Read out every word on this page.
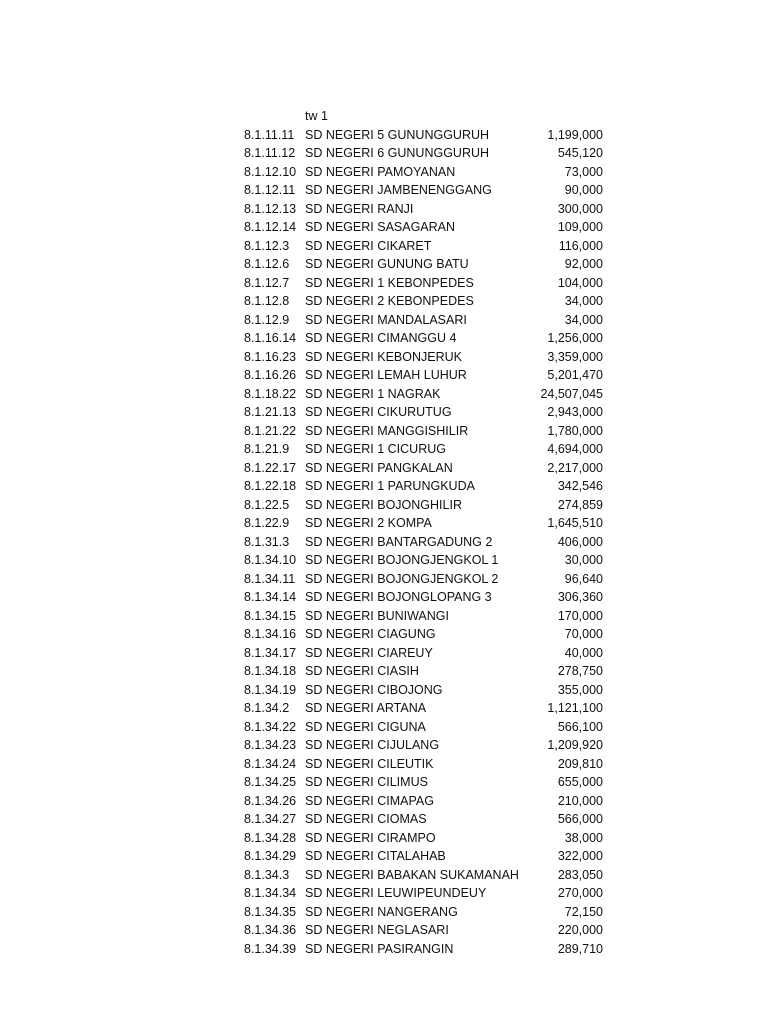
tw 1
8.1.11.11 SD NEGERI 5 GUNUNGGURUH	1,199,000
8.1.11.12 SD NEGERI 6 GUNUNGGURUH	545,120
8.1.12.10 SD NEGERI PAMOYANAN	73,000
8.1.12.11 SD NEGERI JAMBENENGGANG	90,000
8.1.12.13 SD NEGERI RANJI	300,000
8.1.12.14 SD NEGERI SASAGARAN	109,000
8.1.12.3	SD NEGERI CIKARET	116,000
8.1.12.6	SD NEGERI GUNUNG BATU	92,000
8.1.12.7	SD NEGERI 1 KEBONPEDES	104,000
8.1.12.8	SD NEGERI 2 KEBONPEDES	34,000
8.1.12.9	SD NEGERI MANDALASARI	34,000
8.1.16.14 SD NEGERI CIMANGGU 4	1,256,000
8.1.16.23 SD NEGERI KEBONJERUK	3,359,000
8.1.16.26 SD NEGERI LEMAH LUHUR	5,201,470
8.1.18.22 SD NEGERI 1 NAGRAK	24,507,045
8.1.21.13 SD NEGERI CIKURUTUG	2,943,000
8.1.21.22 SD NEGERI MANGGISHILIR	1,780,000
8.1.21.9	SD NEGERI 1 CICURUG	4,694,000
8.1.22.17 SD NEGERI PANGKALAN	2,217,000
8.1.22.18 SD NEGERI 1 PARUNGKUDA	342,546
8.1.22.5	SD NEGERI BOJONGHILIR	274,859
8.1.22.9	SD NEGERI 2 KOMPA	1,645,510
8.1.31.3	SD NEGERI BANTARGADUNG 2	406,000
8.1.34.10 SD NEGERI BOJONGJENGKOL 1	30,000
8.1.34.11 SD NEGERI BOJONGJENGKOL 2	96,640
8.1.34.14 SD NEGERI BOJONGLOPANG 3	306,360
8.1.34.15 SD NEGERI BUNIWANGI	170,000
8.1.34.16 SD NEGERI CIAGUNG	70,000
8.1.34.17 SD NEGERI CIAREUY	40,000
8.1.34.18 SD NEGERI CIASIH	278,750
8.1.34.19 SD NEGERI CIBOJONG	355,000
8.1.34.2	SD NEGERI ARTANA	1,121,100
8.1.34.22 SD NEGERI CIGUNA	566,100
8.1.34.23 SD NEGERI CIJULANG	1,209,920
8.1.34.24 SD NEGERI CILEUTIK	209,810
8.1.34.25 SD NEGERI CILIMUS	655,000
8.1.34.26 SD NEGERI CIMAPAG	210,000
8.1.34.27 SD NEGERI CIOMAS	566,000
8.1.34.28 SD NEGERI CIRAMPO	38,000
8.1.34.29 SD NEGERI CITALAHAB	322,000
8.1.34.3	SD NEGERI BABAKAN SUKAMANAH	283,050
8.1.34.34 SD NEGERI LEUWIPEUNDEUY	270,000
8.1.34.35 SD NEGERI NANGERANG	72,150
8.1.34.36 SD NEGERI NEGLASARI	220,000
8.1.34.39 SD NEGERI PASIRANGIN	289,710
